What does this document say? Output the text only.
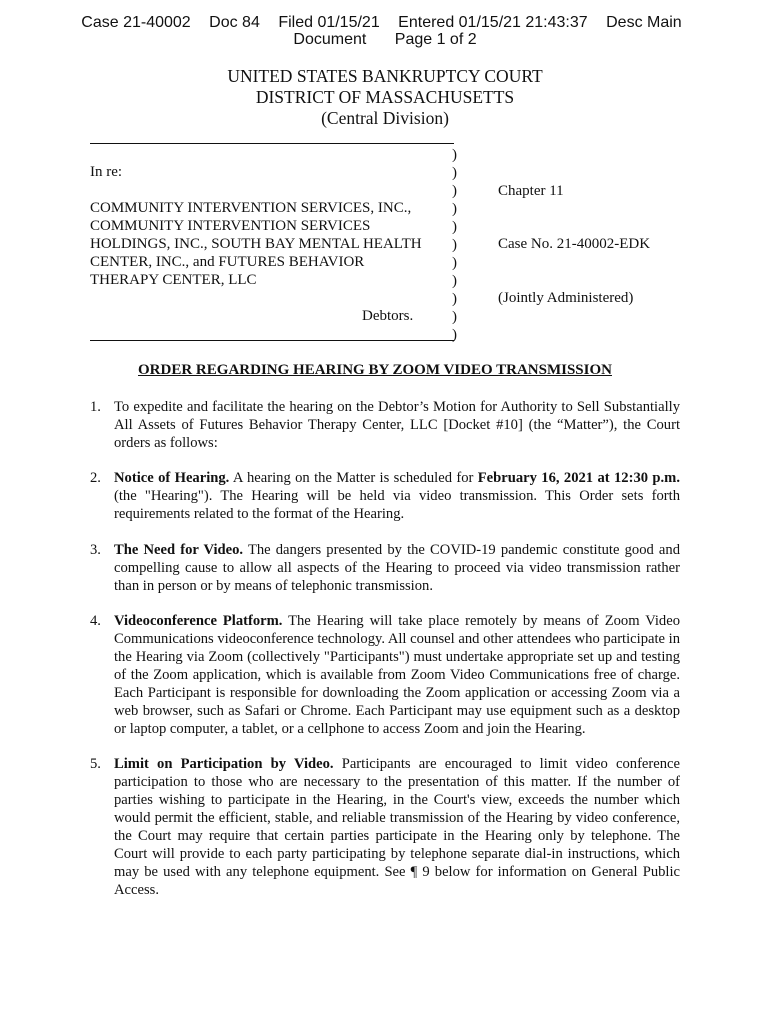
Case 21-40002 Doc 84 Filed 01/15/21 Entered 01/15/21 21:43:37 Desc Main
Document Page 1 of 2
UNITED STATES BANKRUPTCY COURT
DISTRICT OF MASSACHUSETTS
(Central Division)
In re:
COMMUNITY INTERVENTION SERVICES, INC.,
COMMUNITY INTERVENTION SERVICES
HOLDINGS, INC., SOUTH BAY MENTAL HEALTH
CENTER, INC., and FUTURES BEHAVIOR
THERAPY CENTER, LLC
Debtors.
)
)
)
)
)
)
)
)
)
)
)
Chapter 11
Case No. 21-40002-EDK
(Jointly Administered)
ORDER REGARDING HEARING BY ZOOM VIDEO TRANSMISSION
1. To expedite and facilitate the hearing on the Debtor’s Motion for Authority to Sell Substantially All Assets of Futures Behavior Therapy Center, LLC [Docket #10] (the “Matter”), the Court orders as follows:
2. Notice of Hearing. A hearing on the Matter is scheduled for February 16, 2021 at 12:30 p.m. (the "Hearing"). The Hearing will be held via video transmission. This Order sets forth requirements related to the format of the Hearing.
3. The Need for Video. The dangers presented by the COVID-19 pandemic constitute good and compelling cause to allow all aspects of the Hearing to proceed via video transmission rather than in person or by means of telephonic transmission.
4. Videoconference Platform. The Hearing will take place remotely by means of Zoom Video Communications videoconference technology. All counsel and other attendees who participate in the Hearing via Zoom (collectively "Participants") must undertake appropriate set up and testing of the Zoom application, which is available from Zoom Video Communications free of charge. Each Participant is responsible for downloading the Zoom application or accessing Zoom via a web browser, such as Safari or Chrome. Each Participant may use equipment such as a desktop or laptop computer, a tablet, or a cellphone to access Zoom and join the Hearing.
5. Limit on Participation by Video. Participants are encouraged to limit video conference participation to those who are necessary to the presentation of this matter. If the number of parties wishing to participate in the Hearing, in the Court's view, exceeds the number which would permit the efficient, stable, and reliable transmission of the Hearing by video conference, the Court may require that certain parties participate in the Hearing only by telephone. The Court will provide to each party participating by telephone separate dial-in instructions, which may be used with any telephone equipment. See ¶ 9 below for information on General Public Access.
